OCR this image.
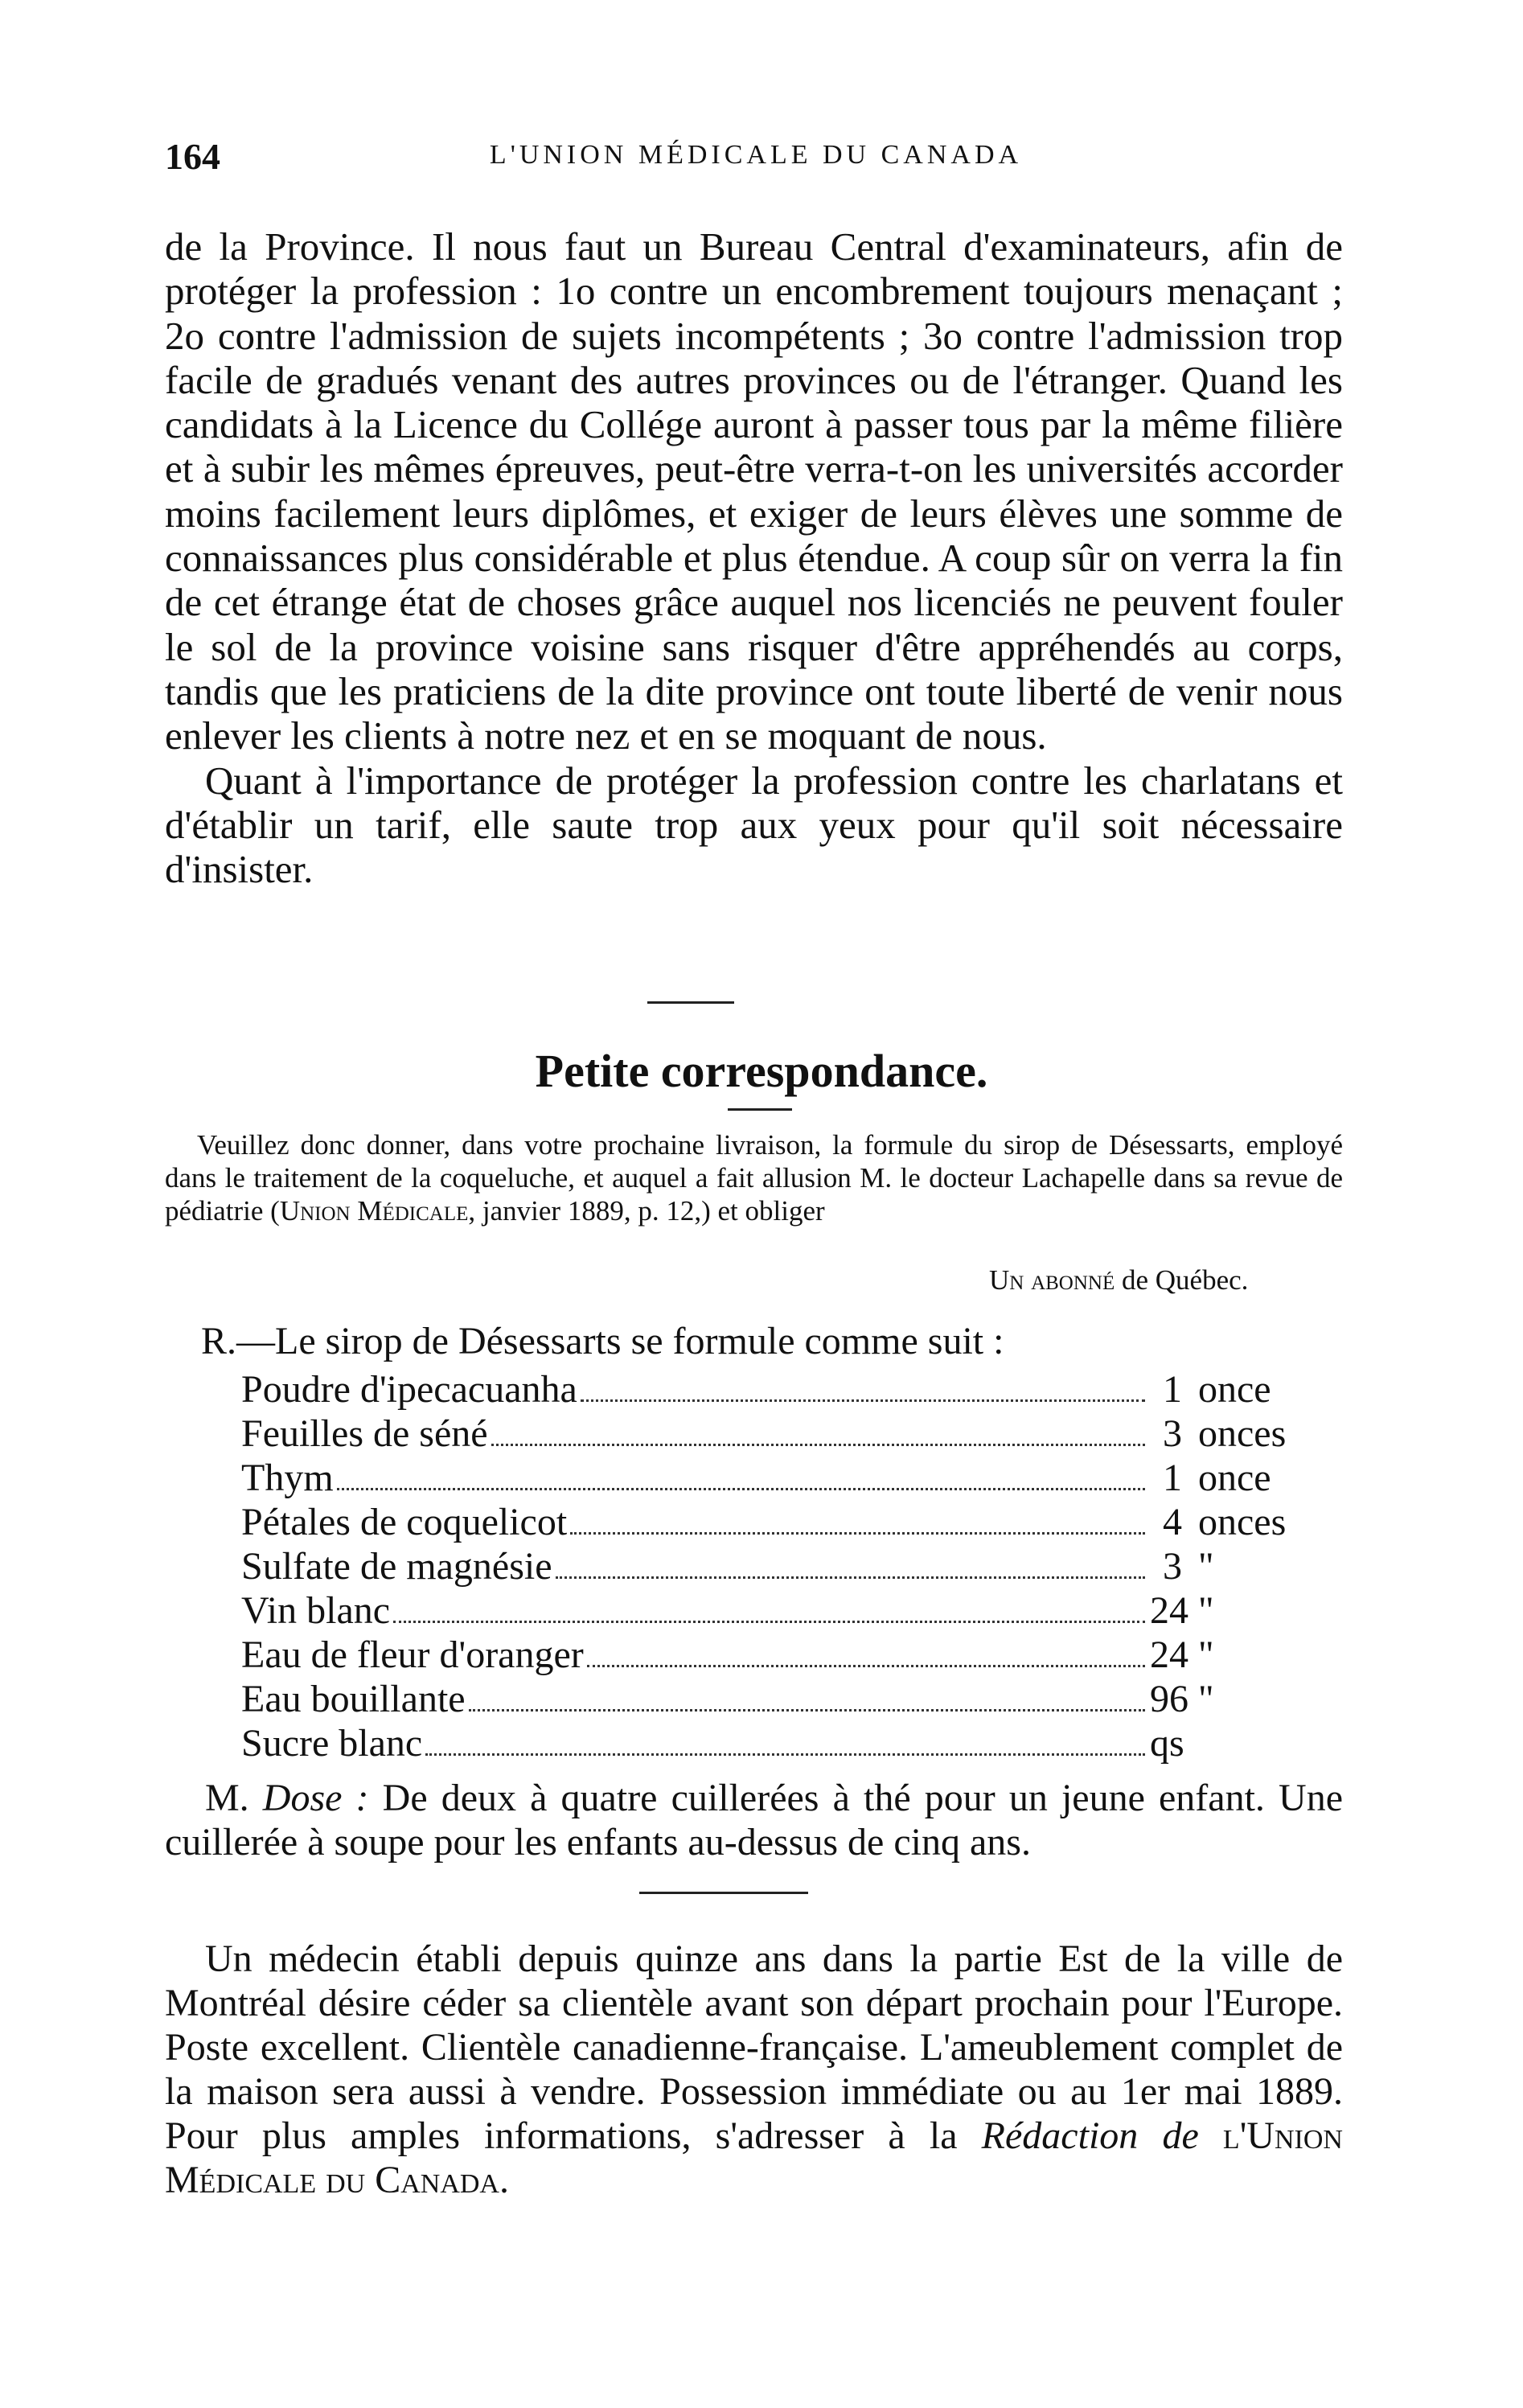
164	L'UNION MÉDICALE DU CANADA

de la Province. Il nous faut un Bureau Central d'examinateurs, afin de protéger la profession : 1o contre un encombrement toujours menaçant ; 2o contre l'admission de sujets incompétents ; 3o contre l'admission trop facile de gradués venant des autres provinces ou de l'étranger. Quand les candidats à la Licence du Collége auront à passer tous par la même filière et à subir les mêmes épreuves, peut-être verra-t-on les universités accorder moins facilement leurs diplômes, et exiger de leurs élèves une somme de connaissances plus considérable et plus étendue. A coup sûr on verra la fin de cet étrange état de choses grâce auquel nos licenciés ne peuvent fouler le sol de la province voisine sans risquer d'être appréhendés au corps, tandis que les praticiens de la dite province ont toute liberté de venir nous enlever les clients à notre nez et en se moquant de nous.

Quant à l'importance de protéger la profession contre les charlatans et d'établir un tarif, elle saute trop aux yeux pour qu'il soit nécessaire d'insister.

Petite correspondance.

Veuillez donc donner, dans votre prochaine livraison, la formule du sirop de Désessarts, employé dans le traitement de la coqueluche, et auquel a fait allusion M. le docteur Lachapelle dans sa revue de pédiatrie (Union Médicale, janvier 1889, p. 12,) et obliger

Un abonné de Québec.
R.—Le sirop de Désessarts se formule comme suit :
Poudre d'ipecacuanha	1 once
Feuilles de séné	3 onces
Thym	1 once
Pétales de coquelicot	4 onces
Sulfate de magnésie	3 "
Vin blanc	24 "
Eau de fleur d'oranger	24 "
Eau bouillante	96 "
Sucre blanc	qs

M. Dose : De deux à quatre cuillerées à thé pour un jeune enfant. Une cuillerée à soupe pour les enfants au-dessus de cinq ans.

Un médecin établi depuis quinze ans dans la partie Est de la ville de Montréal désire céder sa clientèle avant son départ prochain pour l'Europe. Poste excellent. Clientèle canadienne-française. L'ameublement complet de la maison sera aussi à vendre. Possession immédiate ou au 1er mai 1889. Pour plus amples informations, s'adresser à la Rédaction de l'Union Médicale du Canada.
